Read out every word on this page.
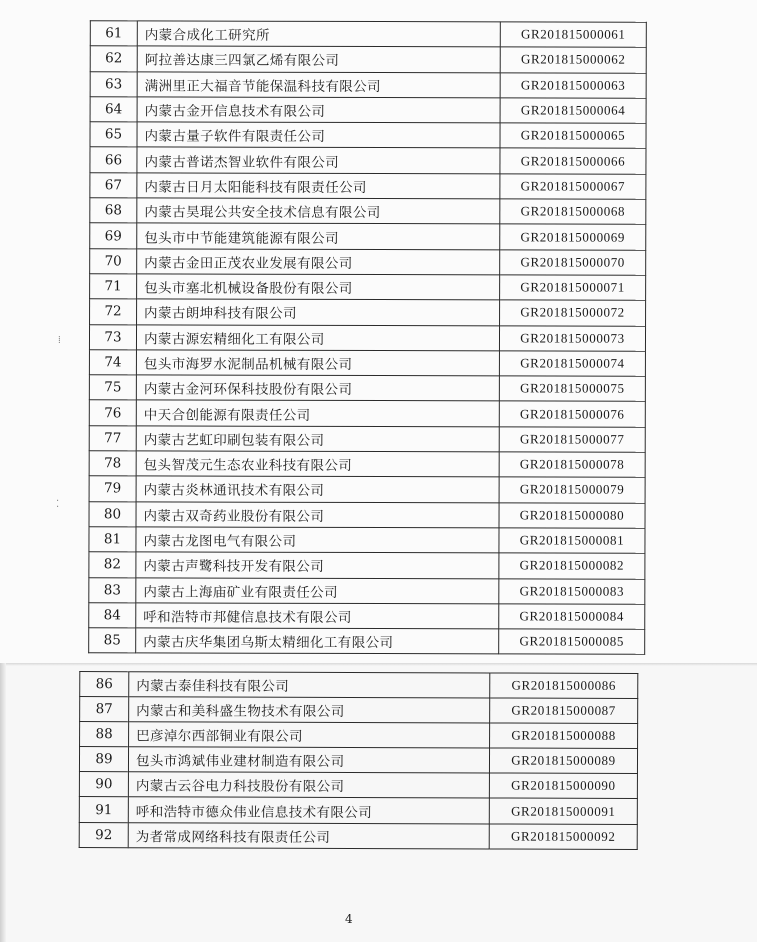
⁞
⁚
61	内蒙合成化工研究所	GR201815000061
62	阿拉善达康三四氯乙烯有限公司	GR201815000062
63	满洲里正大福音节能保温科技有限公司	GR201815000063
64	内蒙古金开信息技术有限公司	GR201815000064
65	内蒙古量子软件有限责任公司	GR201815000065
66	内蒙古普诺杰智业软件有限公司	GR201815000066
67	内蒙古日月太阳能科技有限责任公司	GR201815000067
68	内蒙古昊琨公共安全技术信息有限公司	GR201815000068
69	包头市中节能建筑能源有限公司	GR201815000069
70	内蒙古金田正茂农业发展有限公司	GR201815000070
71	包头市塞北机械设备股份有限公司	GR201815000071
72	内蒙古朗坤科技有限公司	GR201815000072
73	内蒙古源宏精细化工有限公司	GR201815000073
74	包头市海罗水泥制品机械有限公司	GR201815000074
75	内蒙古金河环保科技股份有限公司	GR201815000075
76	中天合创能源有限责任公司	GR201815000076
77	内蒙古艺虹印刷包装有限公司	GR201815000077
78	包头智茂元生态农业科技有限公司	GR201815000078
79	内蒙古炎林通讯技术有限公司	GR201815000079
80	内蒙古双奇药业股份有限公司	GR201815000080
81	内蒙古龙图电气有限公司	GR201815000081
82	内蒙古声鹭科技开发有限公司	GR201815000082
83	内蒙古上海庙矿业有限责任公司	GR201815000083
84	呼和浩特市邦健信息技术有限公司	GR201815000084
85	内蒙古庆华集团乌斯太精细化工有限公司	GR201815000085
86	内蒙古泰佳科技有限公司	GR201815000086
87	内蒙古和美科盛生物技术有限公司	GR201815000087
88	巴彦淖尔西部铜业有限公司	GR201815000088
89	包头市鸿斌伟业建材制造有限公司	GR201815000089
90	内蒙古云谷电力科技股份有限公司	GR201815000090
91	呼和浩特市德众伟业信息技术有限公司	GR201815000091
92	为者常成网络科技有限责任公司	GR201815000092
4
